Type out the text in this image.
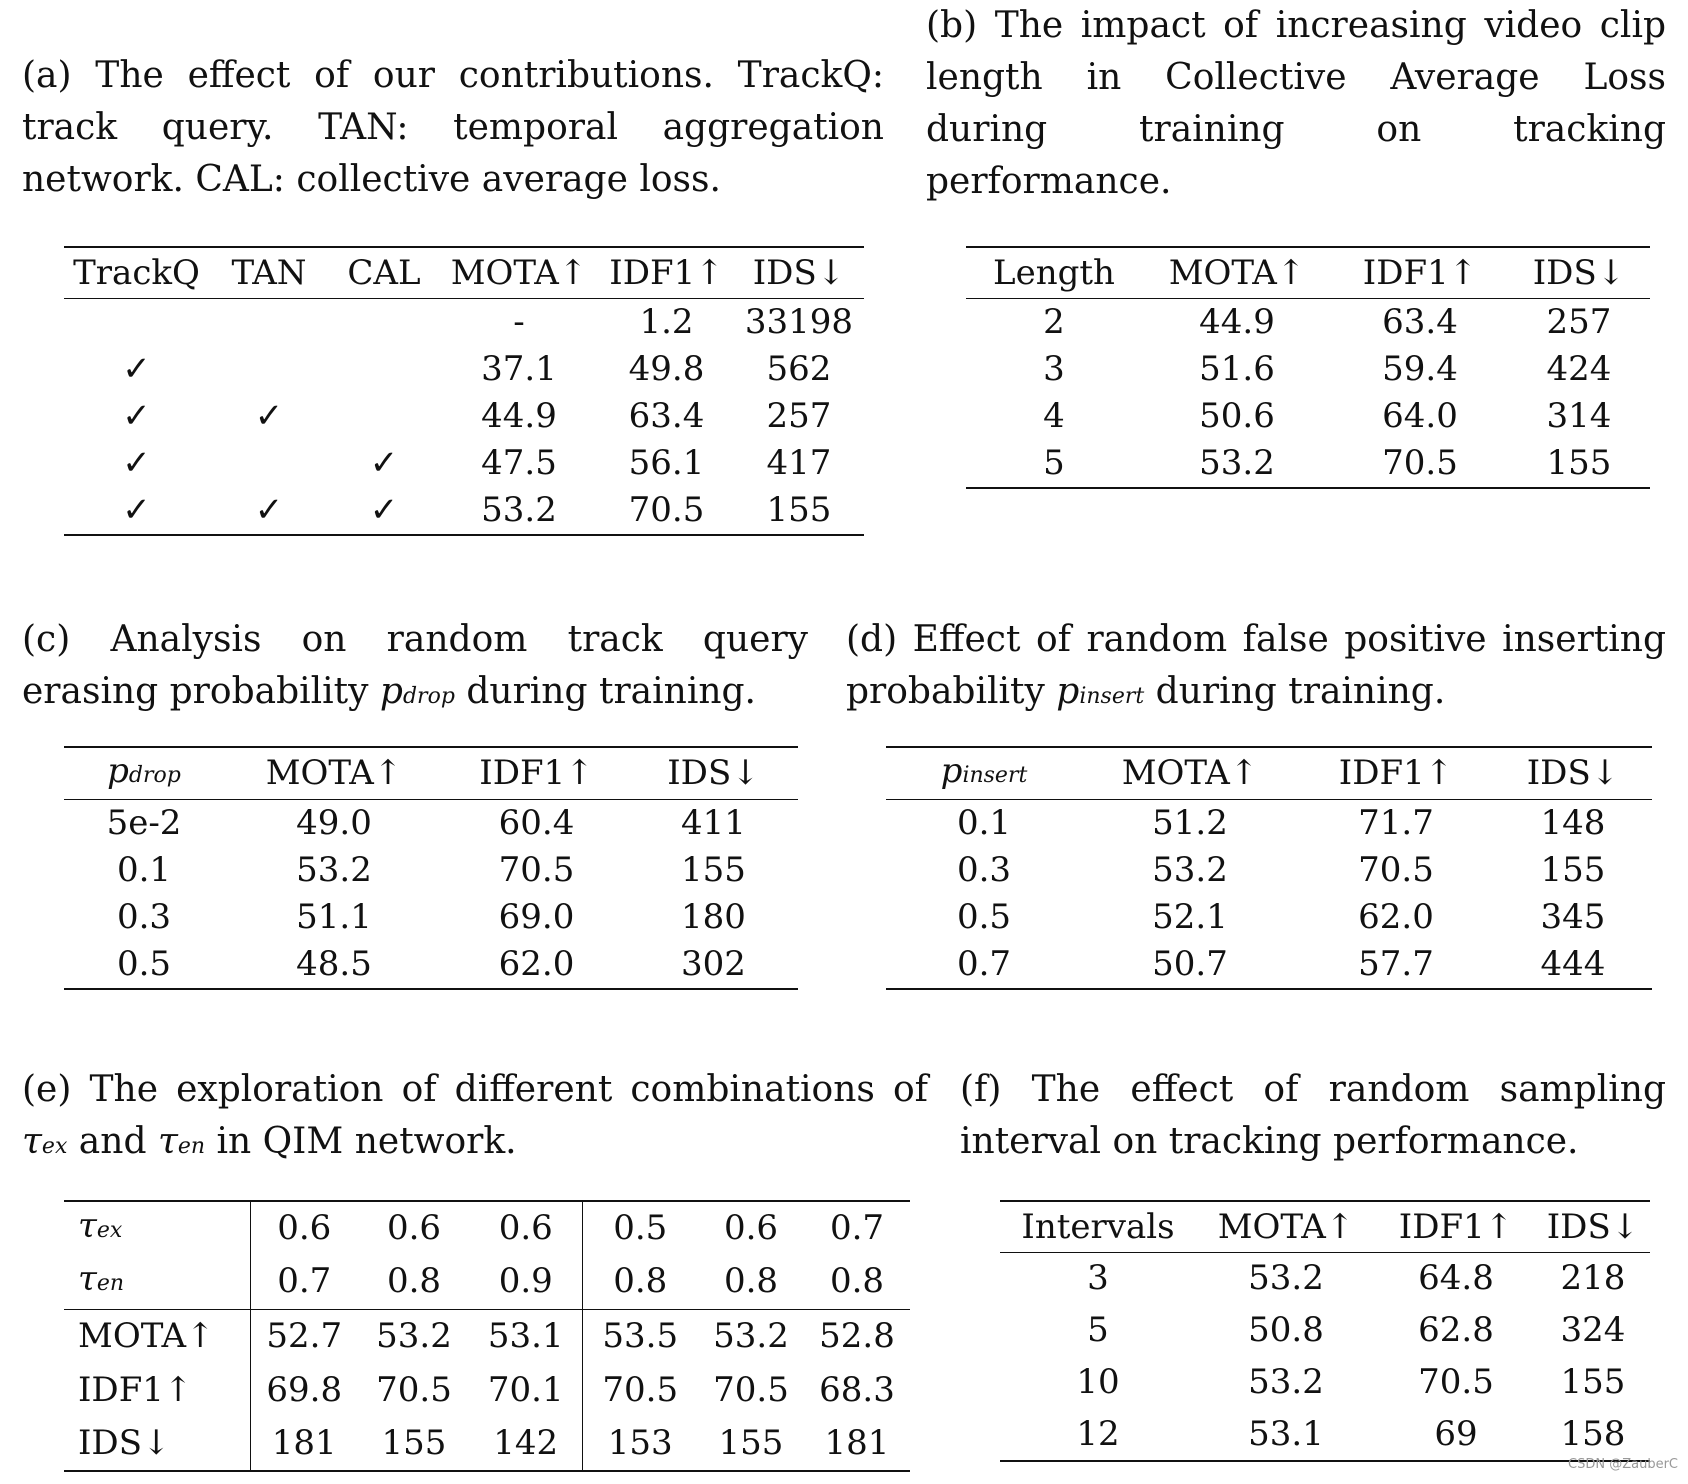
(a) The effect of our contributions. TrackQ: track query. TAN: temporal aggregation network. CAL: collective average loss.

TrackQ	TAN	CAL	MOTA↑	IDF1↑	IDS↓
			-	1.2	33198
✓			37.1	49.8	562
✓	✓		44.9	63.4	257
✓		✓	47.5	56.1	417
✓	✓	✓	53.2	70.5	155

(b) The impact of increasing video clip length in Collective Average Loss during training on tracking performance.

Length	MOTA↑	IDF1↑	IDS↓
2	44.9	63.4	257
3	51.6	59.4	424
4	50.6	64.0	314
5	53.2	70.5	155

(c) Analysis on random track query erasing probability pdrop during training.

pdrop	MOTA↑	IDF1↑	IDS↓
5e-2	49.0	60.4	411
0.1	53.2	70.5	155
0.3	51.1	69.0	180
0.5	48.5	62.0	302

(d) Effect of random false positive inserting probability pinsert during training.

pinsert	MOTA↑	IDF1↑	IDS↓
0.1	51.2	71.7	148
0.3	53.2	70.5	155
0.5	52.1	62.0	345
0.7	50.7	57.7	444

(e) The exploration of different combinations of τex and τen in QIM network.

τex	0.6	0.6	0.6	0.5	0.6	0.7
τen	0.7	0.8	0.9	0.8	0.8	0.8
MOTA↑	52.7	53.2	53.1	53.5	53.2	52.8
IDF1↑	69.8	70.5	70.1	70.5	70.5	68.3
IDS↓	181	155	142	153	155	181

(f) The effect of random sampling interval on tracking performance.

Intervals	MOTA↑	IDF1↑	IDS↓
3	53.2	64.8	218
5	50.8	62.8	324
10	53.2	70.5	155
12	53.1	69	158
CSDN @ZauberC
